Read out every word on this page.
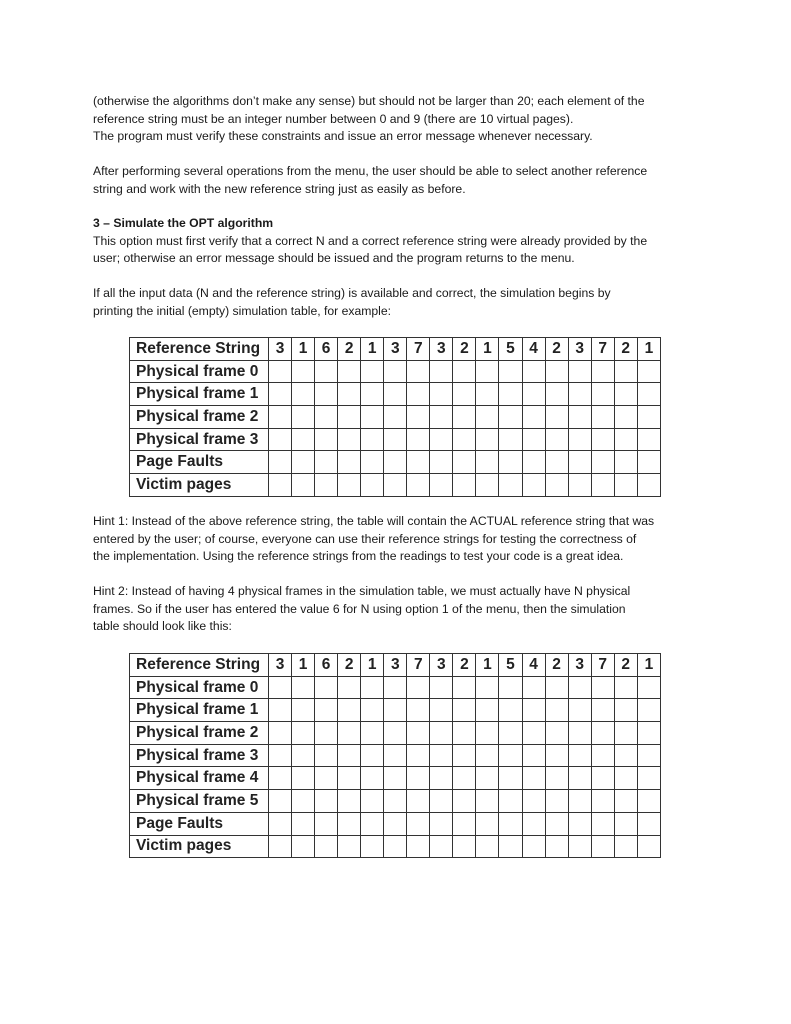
(otherwise the algorithms don’t make any sense) but should not be larger than 20; each element of the

reference string must be an integer number between 0 and 9 (there are 10 virtual pages).

The program must verify these constraints and issue an error message whenever necessary.

After performing several operations from the menu, the user should be able to select another reference

string and work with the new reference string just as easily as before.

3 – Simulate the OPT algorithm

This option must first verify that a correct N and a correct reference string were already provided by the

user; otherwise an error message should be issued and the program returns to the menu.

If all the input data (N and the reference string) is available and correct, the simulation begins by

printing the initial (empty) simulation table, for example:

Reference String	3	1	6	2	1	3	7	3	2	1	5	4	2	3	7	2	1
Physical frame 0																	
Physical frame 1																	
Physical frame 2																	
Physical frame 3																	
Page Faults																	
Victim pages																	

Hint 1: Instead of the above reference string, the table will contain the ACTUAL reference string that was

entered by the user; of course, everyone can use their reference strings for testing the correctness of

the implementation. Using the reference strings from the readings to test your code is a great idea.

Hint 2: Instead of having 4 physical frames in the simulation table, we must actually have N physical

frames. So if the user has entered the value 6 for N using option 1 of the menu, then the simulation

table should look like this:

Reference String	3	1	6	2	1	3	7	3	2	1	5	4	2	3	7	2	1
Physical frame 0																	
Physical frame 1																	
Physical frame 2																	
Physical frame 3																	
Physical frame 4																	
Physical frame 5																	
Page Faults																	
Victim pages																	
